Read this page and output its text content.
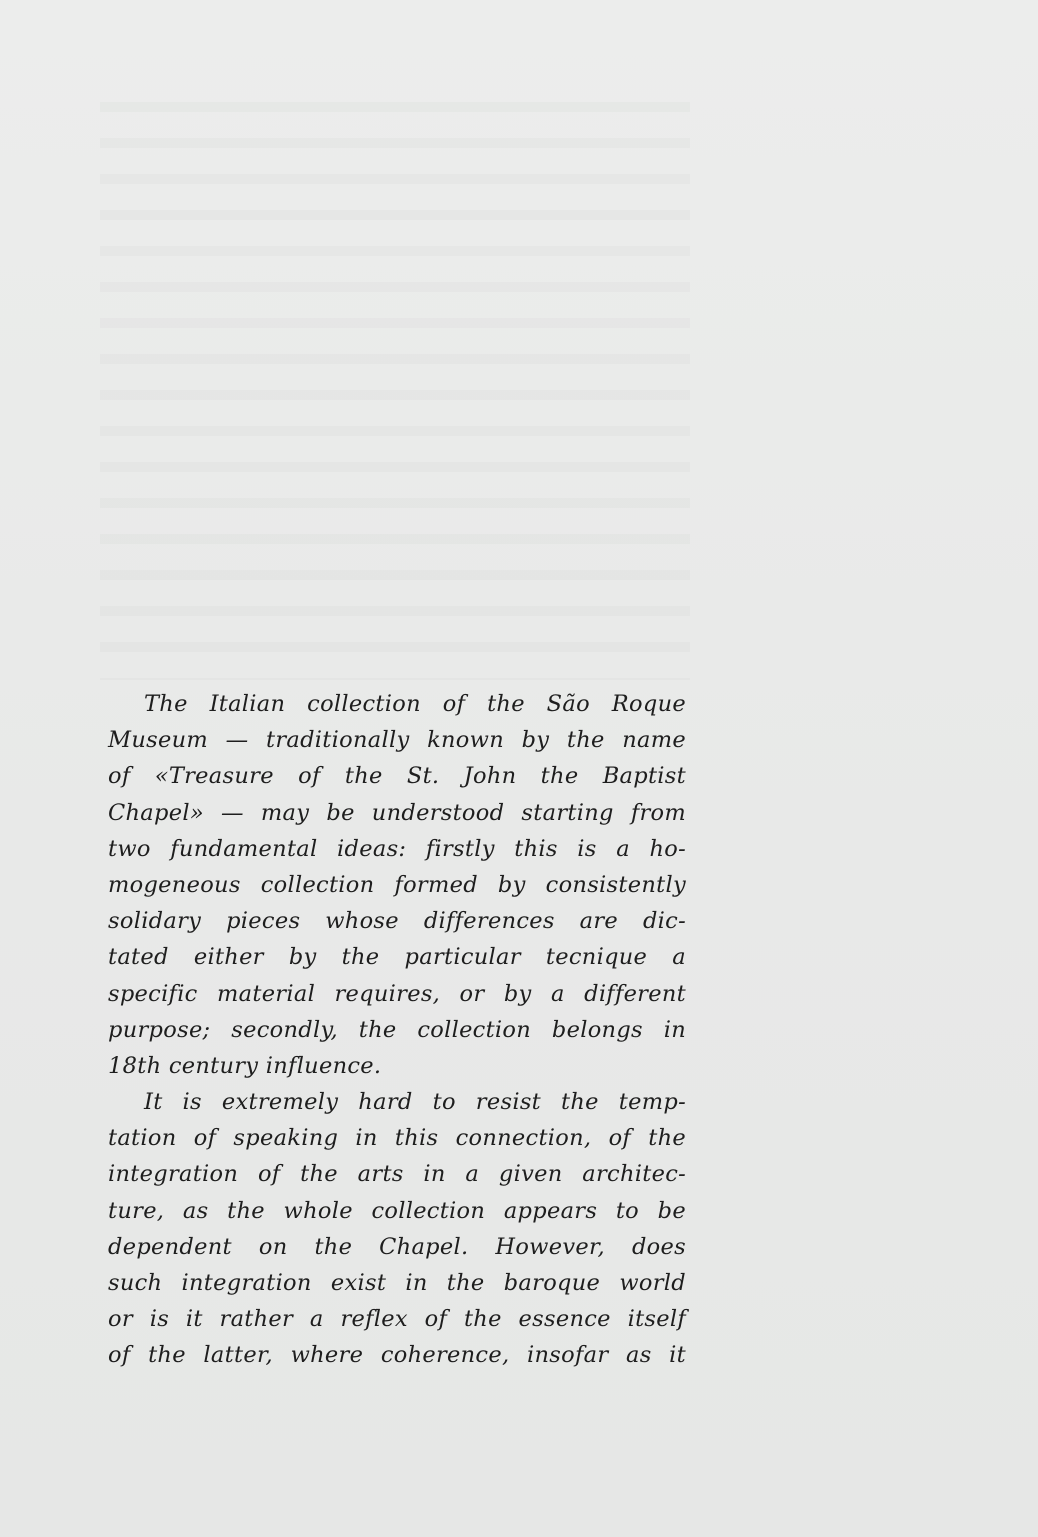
The Italian collection of the São Roque
Museum — traditionally known by the name
of «Treasure of the St. John the Baptist
Chapel» — may be understood starting from
two fundamental ideas: firstly this is a ho-
mogeneous collection formed by consistently
solidary pieces whose differences are dic-
tated either by the particular tecnique a
specific material requires, or by a different
purpose; secondly, the collection belongs in
18th century influence.
It is extremely hard to resist the temp-
tation of speaking in this connection, of the
integration of the arts in a given architec-
ture, as the whole collection appears to be
dependent on the Chapel. However, does
such integration exist in the baroque world
or is it rather a reflex of the essence itself
of the latter, where coherence, insofar as it
